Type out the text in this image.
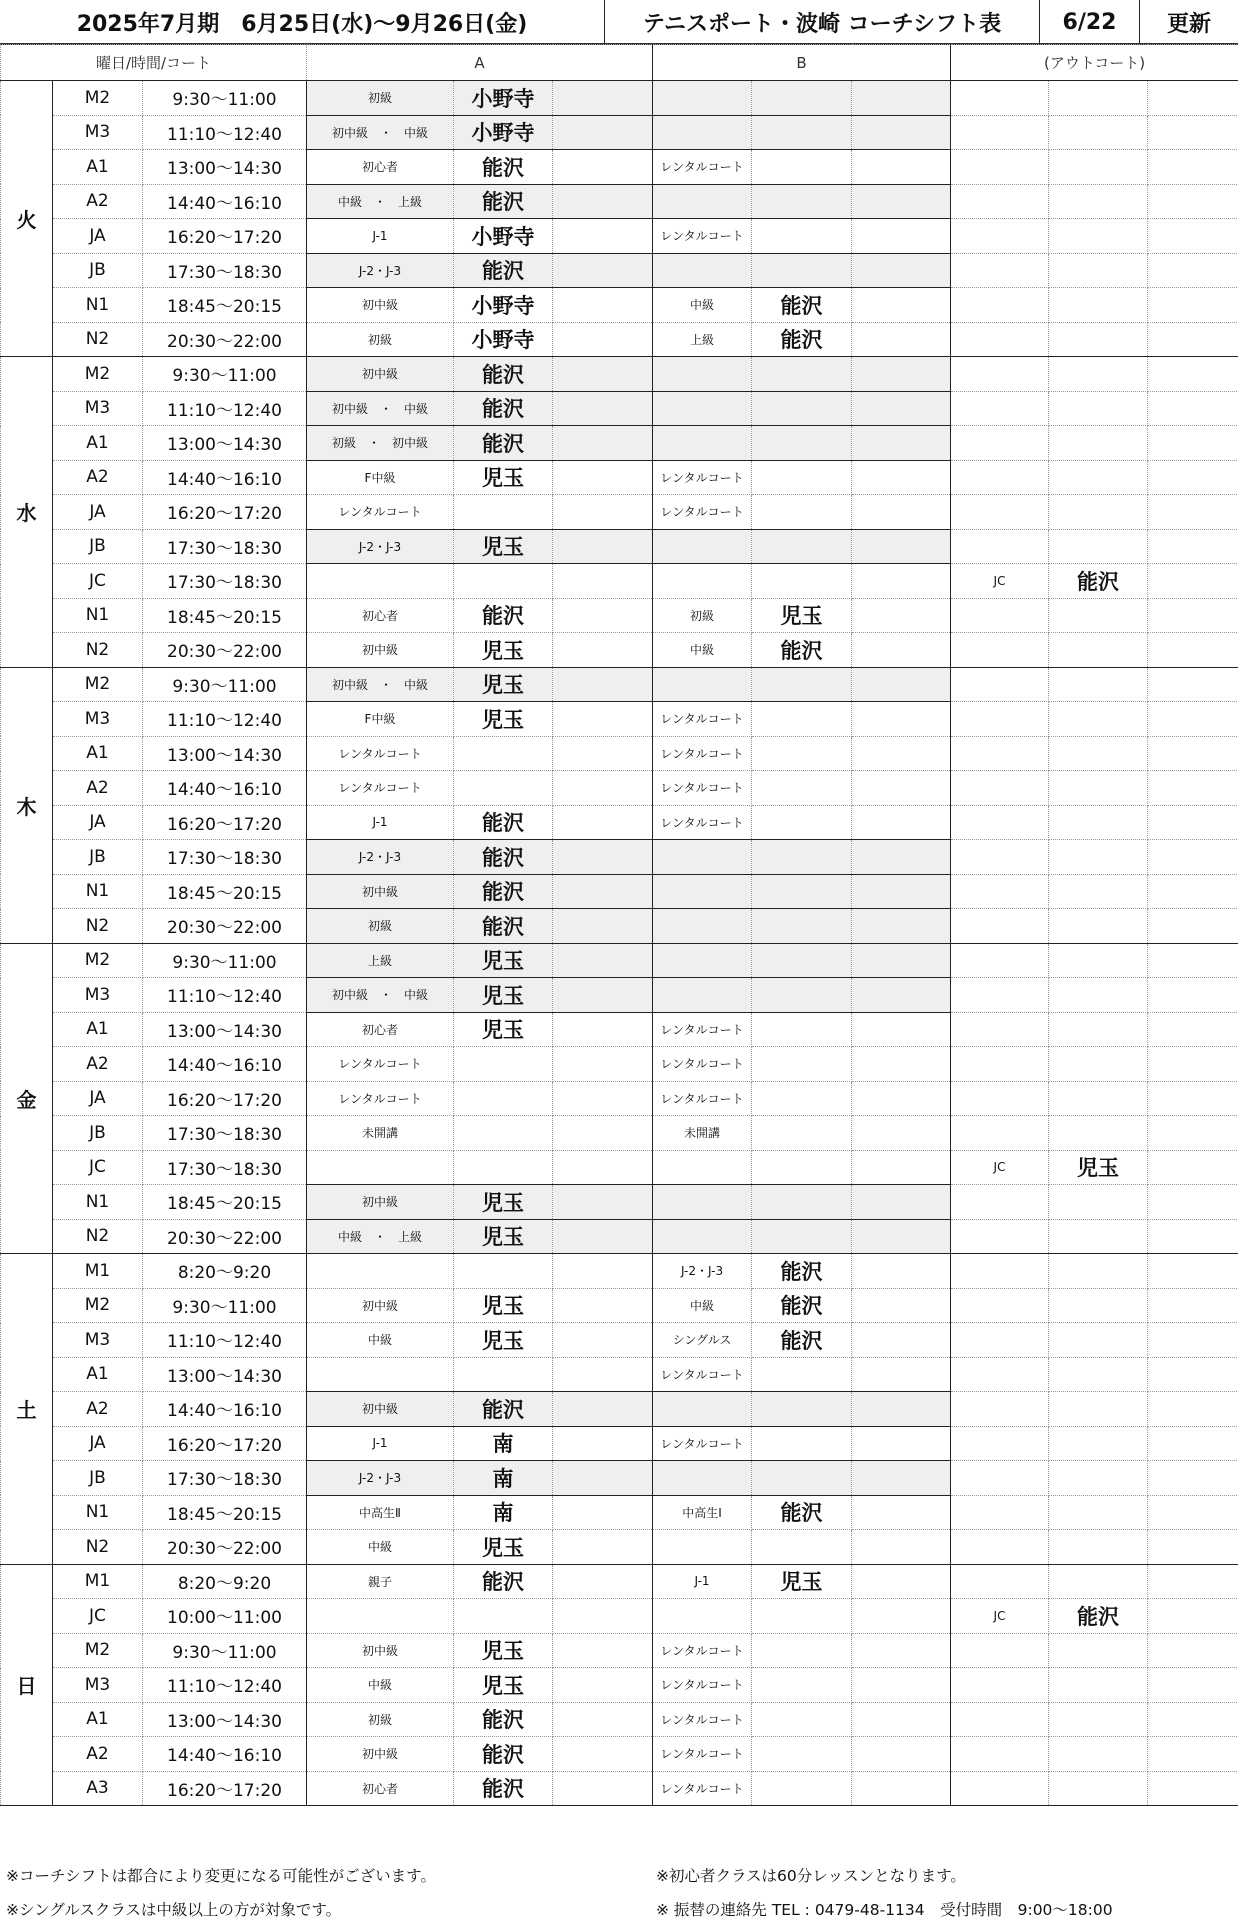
2025年7月期　6月25日(水)～9月26日(金)	テニスポート・波崎 コーチシフト表	6/22 更新
曜日/時間/コート			A			B			(アウトコート)		
火	M2	9:30～11:00	初級	小野寺							
	M3	11:10～12:40	初中級　・　中級	小野寺							
	A1	13:00～14:30	初心者	能沢		レンタルコート					
	A2	14:40～16:10	中級　・　上級	能沢							
	JA	16:20～17:20	J-1	小野寺		レンタルコート					
	JB	17:30～18:30	J-2・J-3	能沢							
	N1	18:45～20:15	初中級	小野寺		中級	能沢				
	N2	20:30～22:00	初級	小野寺		上級	能沢				
水	M2	9:30～11:00	初中級	能沢							
	M3	11:10～12:40	初中級　・　中級	能沢							
	A1	13:00～14:30	初級　・　初中級	能沢							
	A2	14:40～16:10	F中級	児玉		レンタルコート					
	JA	16:20～17:20	レンタルコート			レンタルコート					
	JB	17:30～18:30	J-2・J-3	児玉							
	JC	17:30～18:30							JC	能沢	
	N1	18:45～20:15	初心者	能沢		初級	児玉				
	N2	20:30～22:00	初中級	児玉		中級	能沢				
木	M2	9:30～11:00	初中級　・　中級	児玉							
	M3	11:10～12:40	F中級	児玉		レンタルコート					
	A1	13:00～14:30	レンタルコート			レンタルコート					
	A2	14:40～16:10	レンタルコート			レンタルコート					
	JA	16:20～17:20	J-1	能沢		レンタルコート					
	JB	17:30～18:30	J-2・J-3	能沢							
	N1	18:45～20:15	初中級	能沢							
	N2	20:30～22:00	初級	能沢							
金	M2	9:30～11:00	上級	児玉							
	M3	11:10～12:40	初中級　・　中級	児玉							
	A1	13:00～14:30	初心者	児玉		レンタルコート					
	A2	14:40～16:10	レンタルコート			レンタルコート					
	JA	16:20～17:20	レンタルコート			レンタルコート					
	JB	17:30～18:30	未開講			未開講					
	JC	17:30～18:30							JC	児玉	
	N1	18:45～20:15	初中級	児玉							
	N2	20:30～22:00	中級　・　上級	児玉							
土	M1	8:20～9:20				J-2・J-3	能沢				
	M2	9:30～11:00	初中級	児玉		中級	能沢				
	M3	11:10～12:40	中級	児玉		シングルス	能沢				
	A1	13:00～14:30				レンタルコート					
	A2	14:40～16:10	初中級	能沢							
	JA	16:20～17:20	J-1	南		レンタルコート					
	JB	17:30～18:30	J-2・J-3	南							
	N1	18:45～20:15	中高生Ⅱ	南		中高生Ⅰ	能沢				
	N2	20:30～22:00	中級	児玉							
日	M1	8:20～9:20	親子	能沢		J-1	児玉				
	JC	10:00～11:00							JC	能沢	
	M2	9:30～11:00	初中級	児玉		レンタルコート					
	M3	11:10～12:40	中級	児玉		レンタルコート					
	A1	13:00～14:30	初級	能沢		レンタルコート					
	A2	14:40～16:10	初中級	能沢		レンタルコート					
	A3	16:20～17:20	初心者	能沢		レンタルコート					
※コーチシフトは都合により変更になる可能性がございます。	※初心者クラスは60分レッスンとなります。
※シングルスクラスは中級以上の方が対象です。	※ 振替の連絡先 TEL : 0479-48-1134　受付時間　9:00～18:00
